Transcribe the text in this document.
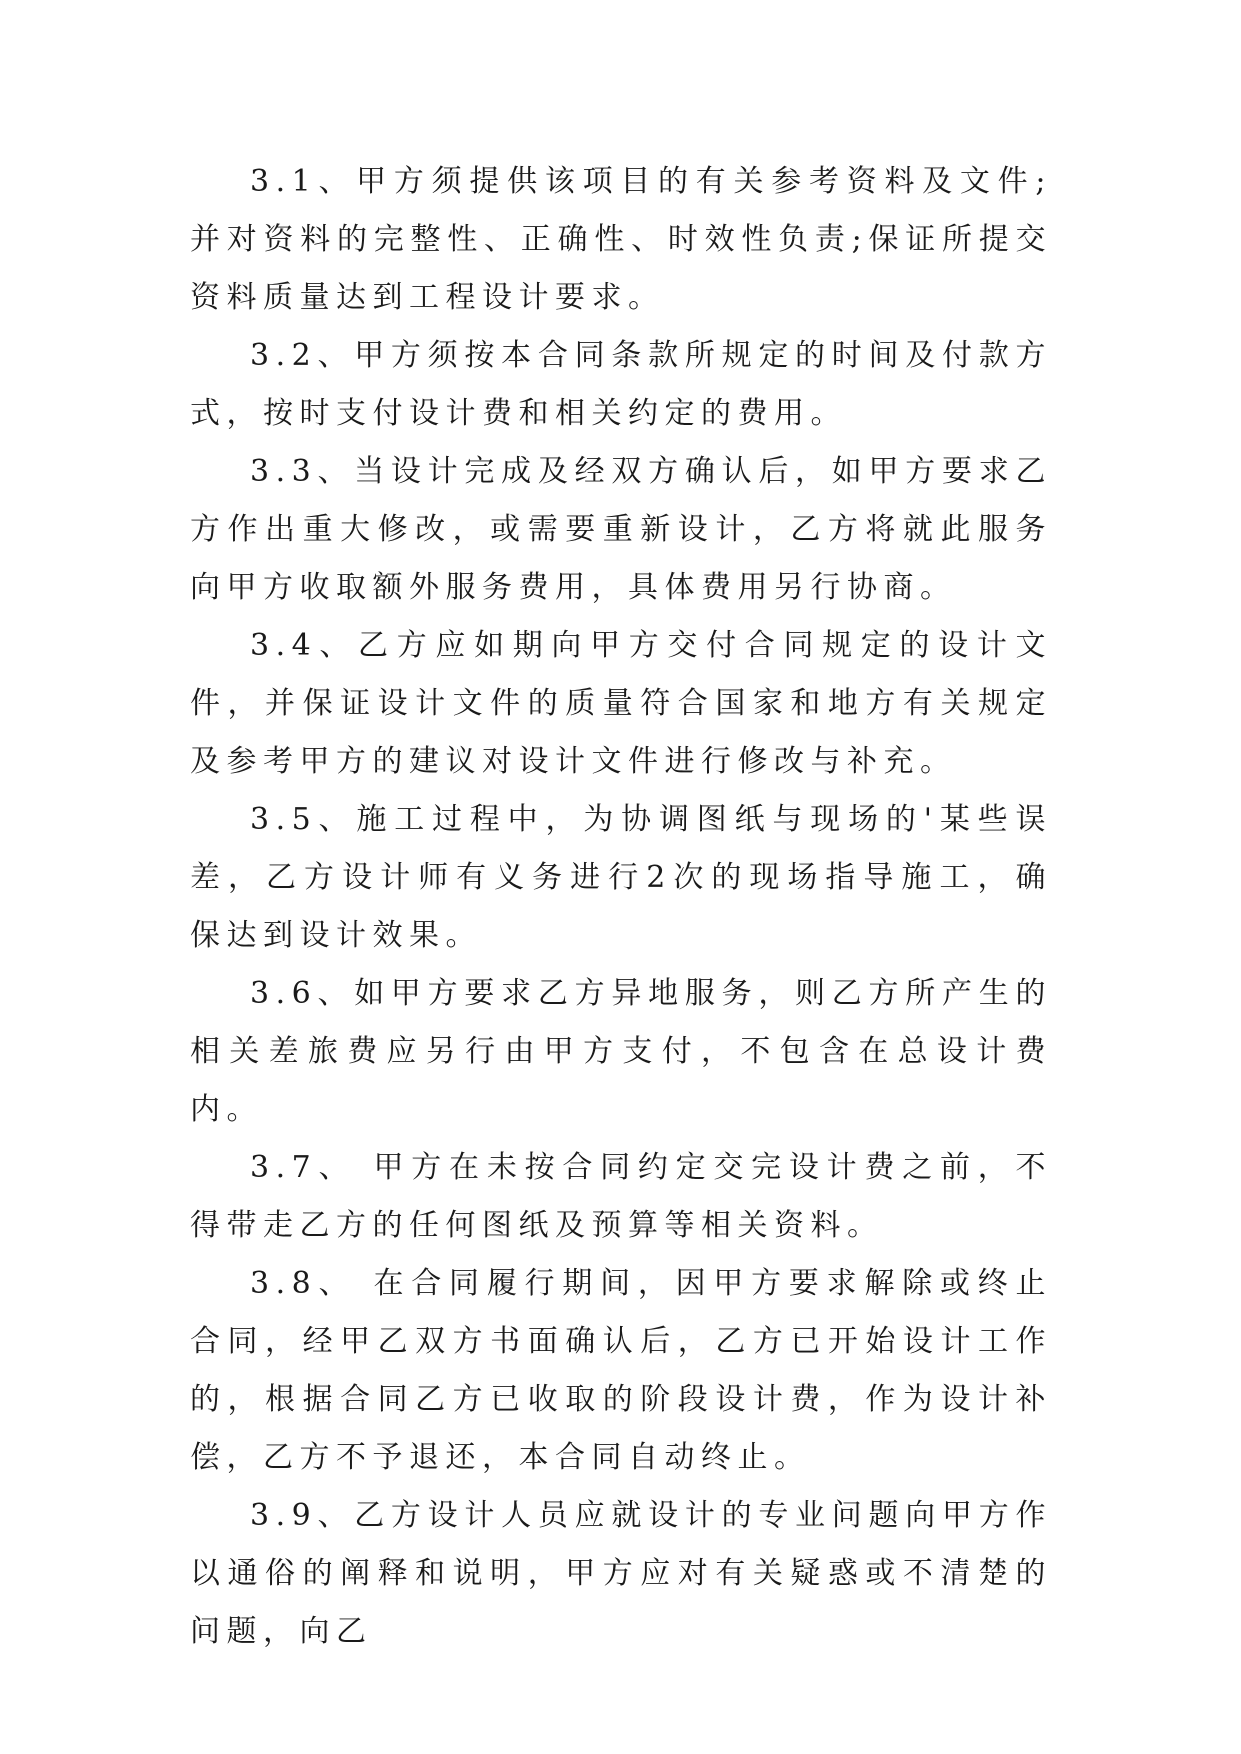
3.1、甲方须提供该项目的有关参考资料及文件;并对资料的完整性、正确性、时效性负责;保证所提交资料质量达到工程设计要求。

3.2、甲方须按本合同条款所规定的时间及付款方式，按时支付设计费和相关约定的费用。

3.3、当设计完成及经双方确认后，如甲方要求乙方作出重大修改，或需要重新设计，乙方将就此服务向甲方收取额外服务费用，具体费用另行协商。

3.4、乙方应如期向甲方交付合同规定的设计文件，并保证设计文件的质量符合国家和地方有关规定及参考甲方的建议对设计文件进行修改与补充。

3.5、施工过程中，为协调图纸与现场的'某些误差，乙方设计师有义务进行2次的现场指导施工，确保达到设计效果。

3.6、如甲方要求乙方异地服务，则乙方所产生的相关差旅费应另行由甲方支付，不包含在总设计费内。

3.7、 甲方在未按合同约定交完设计费之前，不得带走乙方的任何图纸及预算等相关资料。

3.8、 在合同履行期间，因甲方要求解除或终止合同，经甲乙双方书面确认后，乙方已开始设计工作的，根据合同乙方已收取的阶段设计费，作为设计补偿，乙方不予退还，本合同自动终止。

3.9、乙方设计人员应就设计的专业问题向甲方作以通俗的阐释和说明，甲方应对有关疑惑或不清楚的问题，向乙
